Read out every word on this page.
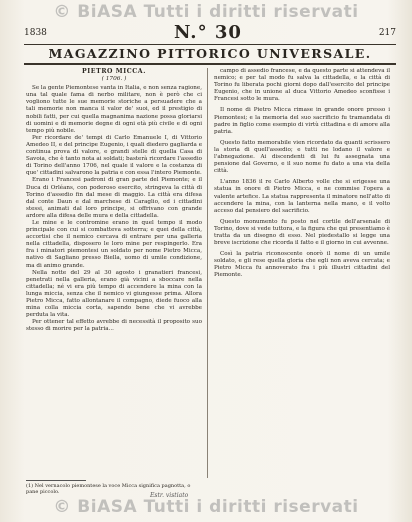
© BiASA Tutti i diritti riservati
1838	N.° 30	217
MAGAZZINO PITTORICO UNIVERSALE.
PIETRO MICCA.
( 1706. )

Se la gente Piemontese vanta in Italia, e non senza ragione, una tal quale fama di nerbo militare, non è però che ci vogliono tutte le sue memorie storiche a persuadere che a tali memorie non manca il valor de' suoi, ed il prestigio di nobili fatti, per cui quella magnanima nazione possa gloriarsi di uomini e di memorie degne di ogni età più civile e di ogni tempo più nobile.

Per ricordare de' tempi di Carlo Emanuele I, di Vittorio Amedeo II, e del principe Eugenio, i quali diedero gagliarda e continua prova di valore, e grandi stelle di quella Casa di Savoia, che è tanto nota ai soldati; basterà ricordare l'assedio di Torino dell'anno 1706, nel quale il valore e la costanza di que' cittadini salvarono la patria e con essa l'intero Piemonte.

Erano i Francesi padroni di gran parte del Piemonte; e il Duca di Orléans, con poderoso esercito, stringeva la città di Torino d'assedio fin dal mese di maggio. La città era difesa dal conte Daun e dal marchese di Caraglio, ed i cittadini stessi, animati dal loro principe, si offrivano con grande ardore alla difesa delle mura e della cittadella.

Le mine e le contromine erano in quel tempo il modo principale con cui si combatteva sotterra; e quei della città, accortisi che il nemico cercava di entrare per una galleria nella cittadella, disposero le loro mine per respingerlo. Era fra i minatori piemontesi un soldato per nome Pietro Micca, nativo di Sagliano presso Biella, uomo di umile condizione, ma di animo grande.

Nella notte del 29 al 30 agosto i granatieri francesi, penetrati nella galleria, erano già vicini a sboccare nella cittadella; né vi era più tempo di accendere la mina con la lunga miccia, senza che il nemico vi giungesse prima. Allora Pietro Micca, fatto allontanare il compagno, diede fuoco alla mina colla miccia corta, sapendo bene che vi avrebbe perduta la vita.

Per ottener tal effetto avrebbe di necessità il proposito suo stesso di morire per la patria...

campo di assedio francese, e da questo parte si attendeva il nemico; e per tal modo fu salva la cittadella, e la città di Torino fu liberata pochi giorni dopo dall'esercito del principe Eugenio, che in unione al duca Vittorio Amedeo sconfisse i Francesi sotto le mura.

Il nome di Pietro Micca rimase in grande onore presso i Piemontesi; e la memoria del suo sacrificio fu tramandata di padre in figlio come esempio di virtù cittadina e di amore alla patria.

Questo fatto memorabile vien ricordato da quanti scrissero la storia di quell'assedio; e tutti ne lodano il valore e l'abnegazione. Ai discendenti di lui fu assegnata una pensione dal Governo, e il suo nome fu dato a una via della città.

L'anno 1836 il re Carlo Alberto volle che si erigesse una statua in onore di Pietro Micca, e ne commise l'opera a valente artefice. La statua rappresenta il minatore nell'atto di accendere la mina, con la lanterna nella mano, e il volto acceso dal pensiero del sacrificio.

Questo monumento fu posto nel cortile dell'arsenale di Torino, dove si vede tuttora, e la figura che qui presentiamo è tratta da un disegno di esso. Nel piedestallo si legge una breve iscrizione che ricorda il fatto e il giorno in cui avvenne.

Così la patria riconoscente onorò il nome di un umile soldato, e gli rese quella gloria che egli non aveva cercata; e Pietro Micca fu annoverato fra i più illustri cittadini del Piemonte.

(1) Nel vernacolo piemontese la voce Micca significa pagnotta, o pane piccolo.	Estr. vistiato
© BiASA Tutti i diritti riservati
